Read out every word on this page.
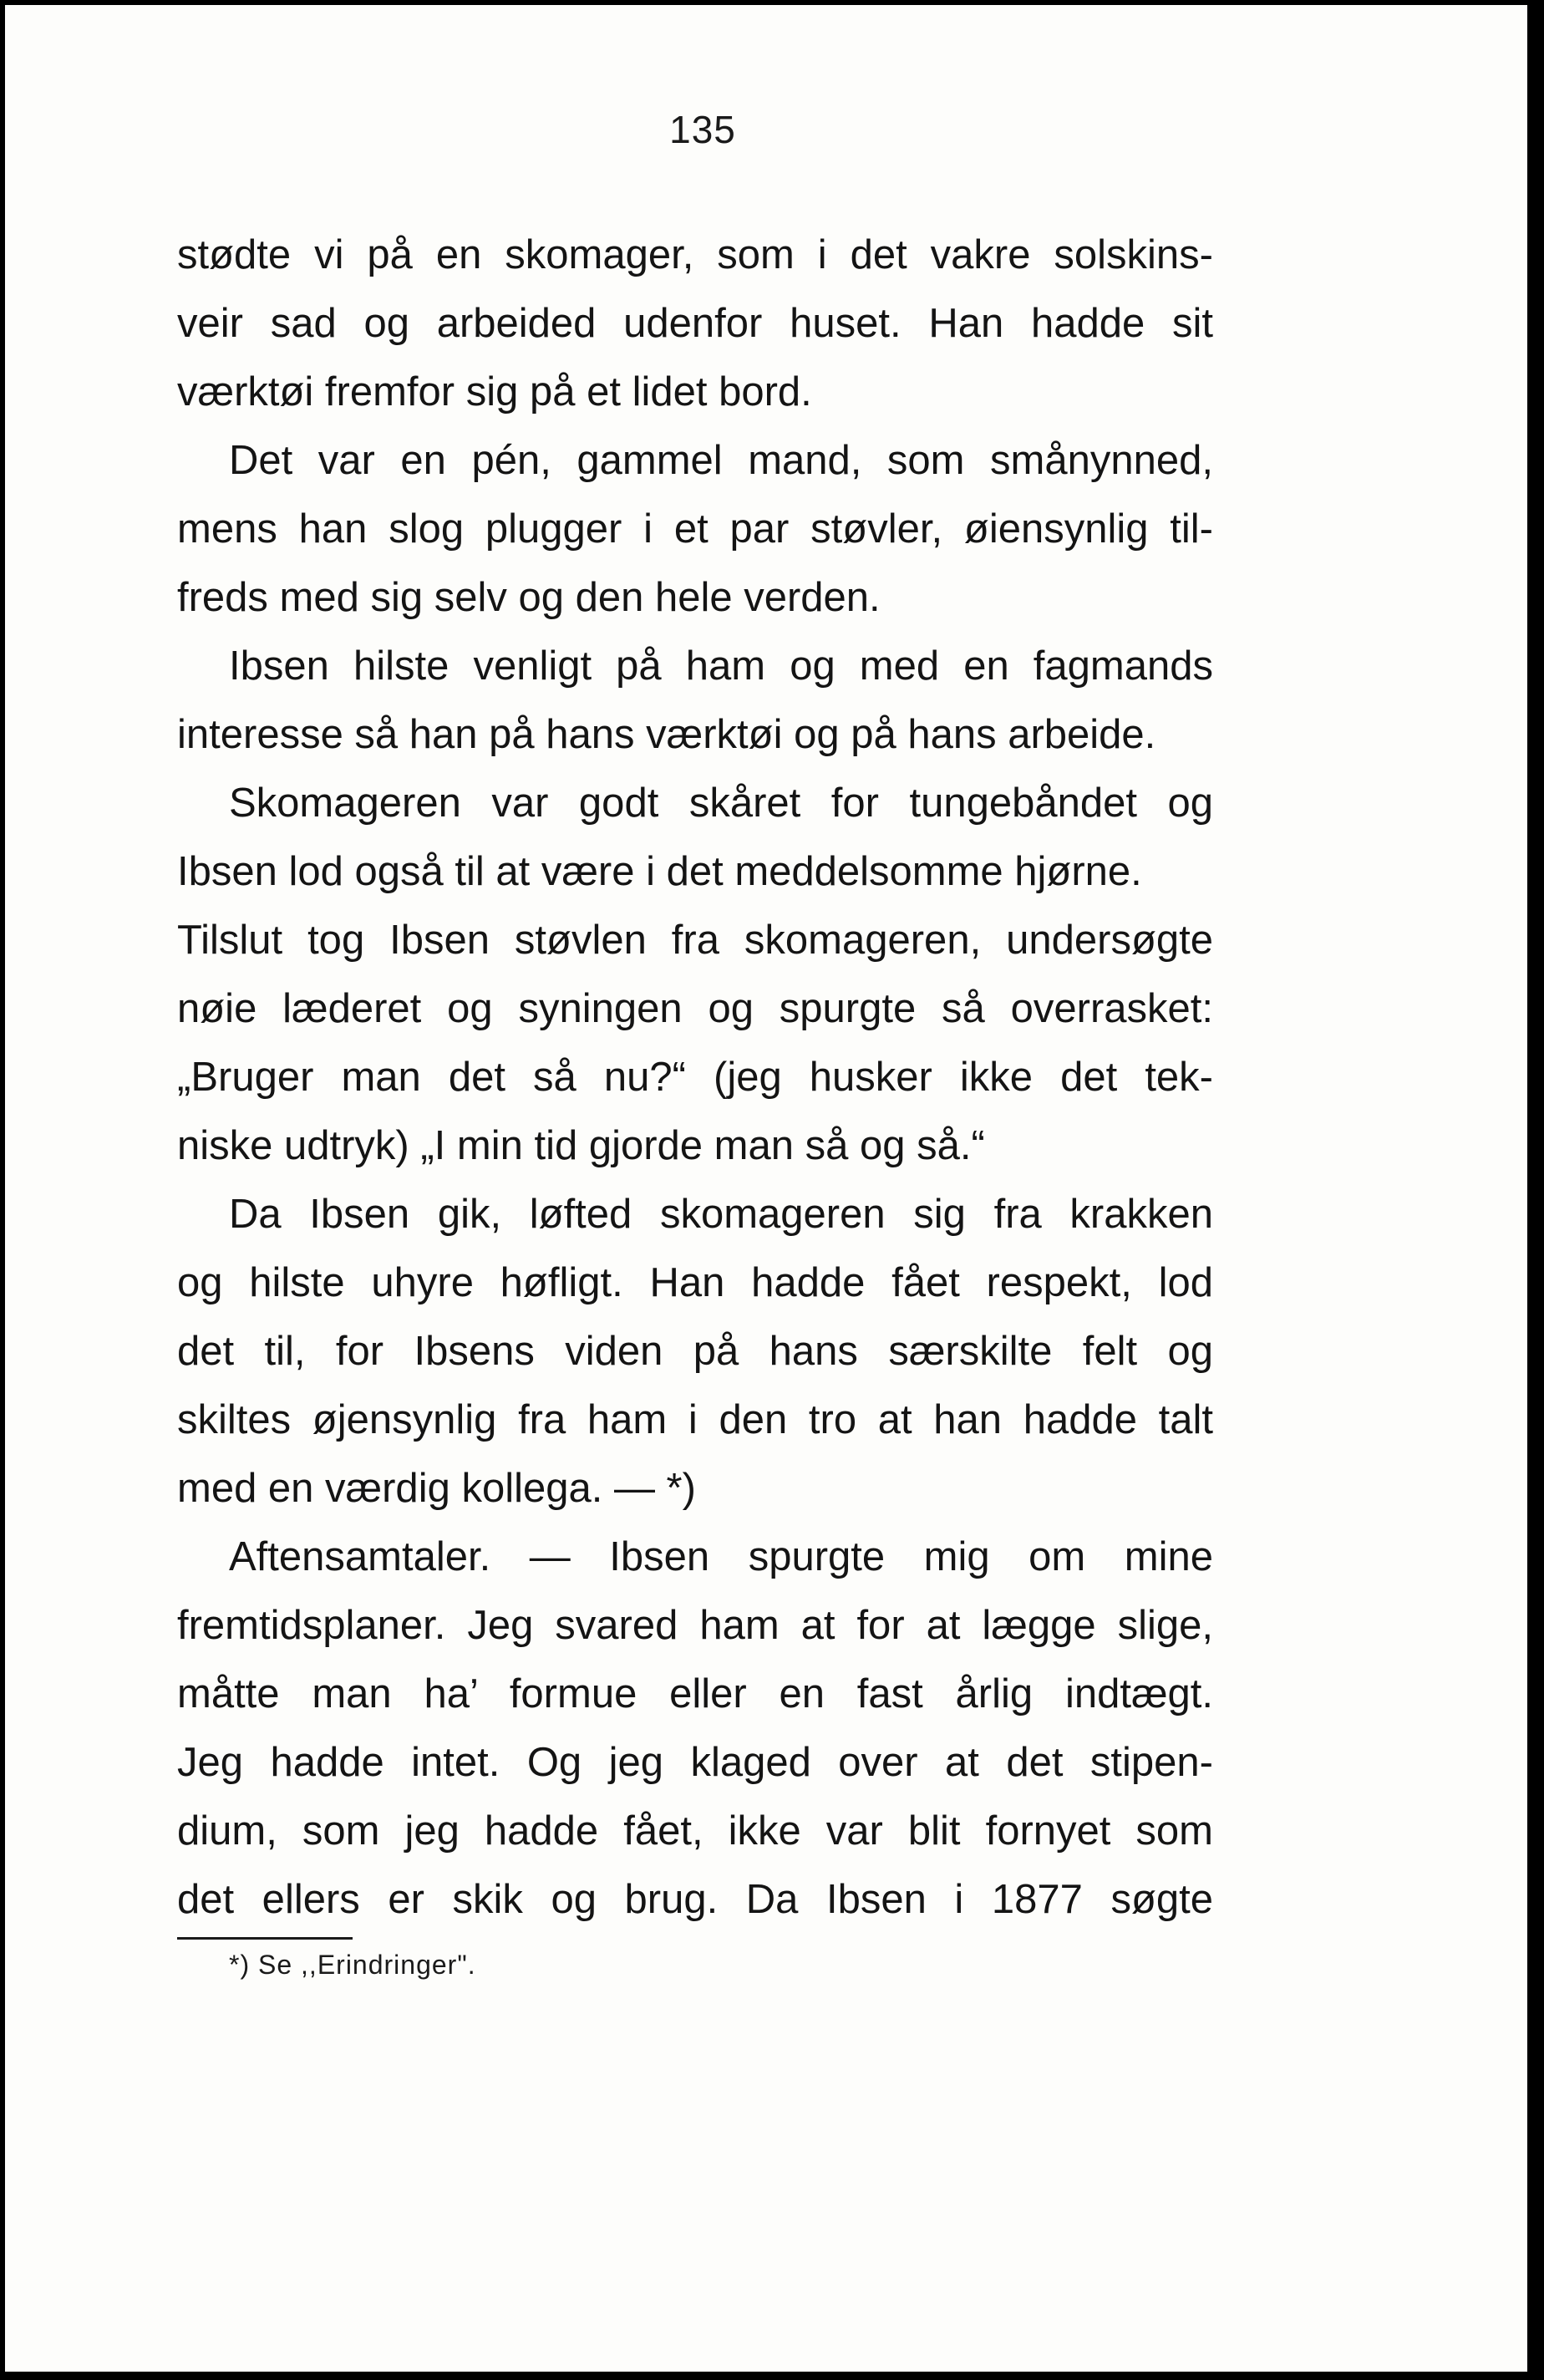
135
stødte vi på en skomager, som i det vakre solskins-
veir sad og arbeided udenfor huset. Han hadde sit
værktøi fremfor sig på et lidet bord.
Det var en pén, gammel mand, som smånynned,
mens han slog plugger i et par støvler, øiensynlig til-
freds med sig selv og den hele verden.
Ibsen hilste venligt på ham og med en fagmands
interesse så han på hans værktøi og på hans arbeide.
Skomageren var godt skåret for tungebåndet og
Ibsen lod også til at være i det meddelsomme hjørne.
Tilslut tog Ibsen støvlen fra skomageren, undersøgte
nøie læderet og syningen og spurgte så overrasket:
„Bruger man det så nu?“ (jeg husker ikke det tek-
niske udtryk) „I min tid gjorde man så og så.“
Da Ibsen gik, løfted skomageren sig fra krakken
og hilste uhyre høfligt. Han hadde fået respekt, lod
det til, for Ibsens viden på hans særskilte felt og
skiltes øjensynlig fra ham i den tro at han hadde talt
med en værdig kollega. — *)
Aftensamtaler. — Ibsen spurgte mig om mine
fremtidsplaner. Jeg svared ham at for at lægge slige,
måtte man ha’ formue eller en fast årlig indtægt.
Jeg hadde intet. Og jeg klaged over at det stipen-
dium, som jeg hadde fået, ikke var blit fornyet som
det ellers er skik og brug. Da Ibsen i 1877 søgte
*) Se ,,Erindringer".
